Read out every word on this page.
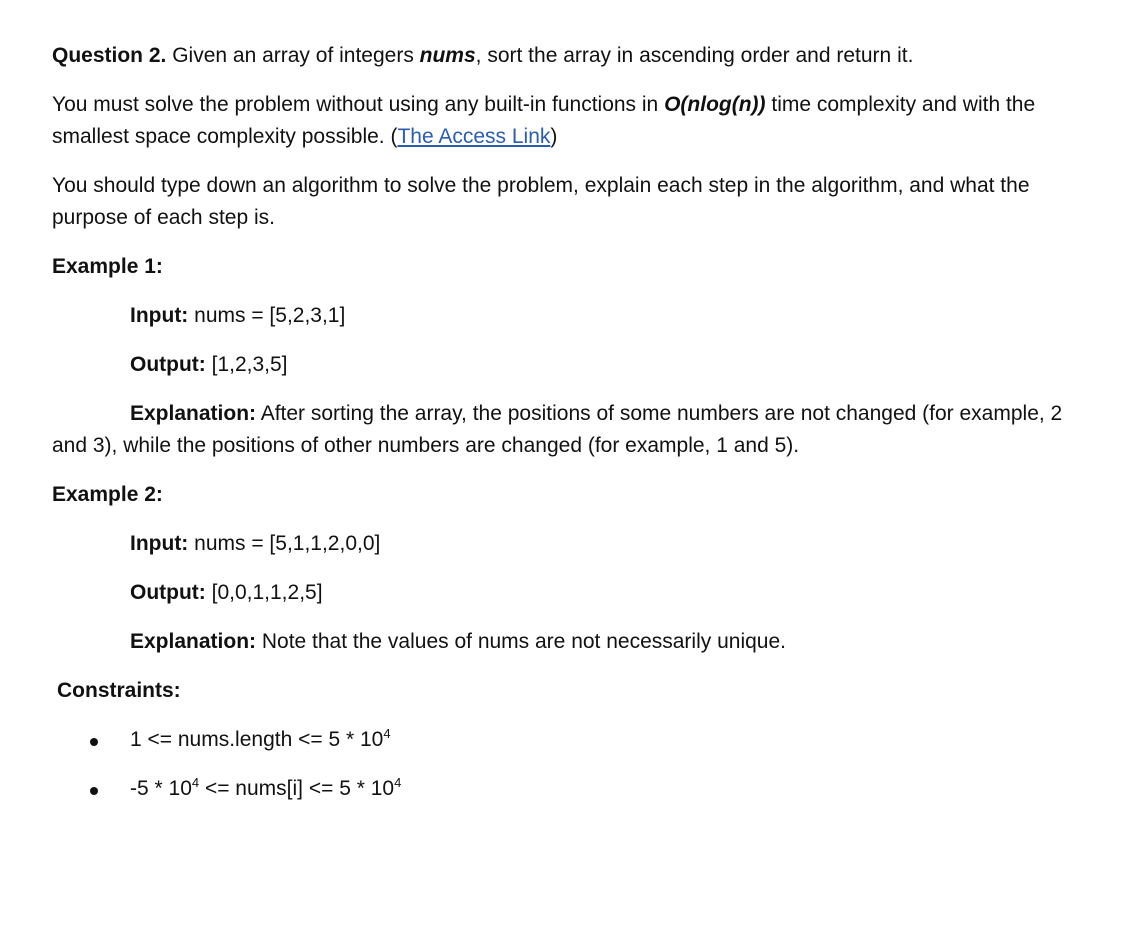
Question 2. Given an array of integers nums, sort the array in ascending order and return it.

You must solve the problem without using any built-in functions in O(nlog(n)) time complexity and with the smallest space complexity possible. (The Access Link)

You should type down an algorithm to solve the problem, explain each step in the algorithm, and what the purpose of each step is.

Example 1:

Input: nums = [5,2,3,1]

Output: [1,2,3,5]

Explanation: After sorting the array, the positions of some numbers are not changed (for example, 2 and 3), while the positions of other numbers are changed (for example, 1 and 5).

Example 2:

Input: nums = [5,1,1,2,0,0]

Output: [0,0,1,1,2,5]

Explanation: Note that the values of nums are not necessarily unique.

Constraints:

1 <= nums.length <= $5 * 10^4$
$-5 * 10^4$ <= nums[i] <= $5 * 10^4$
